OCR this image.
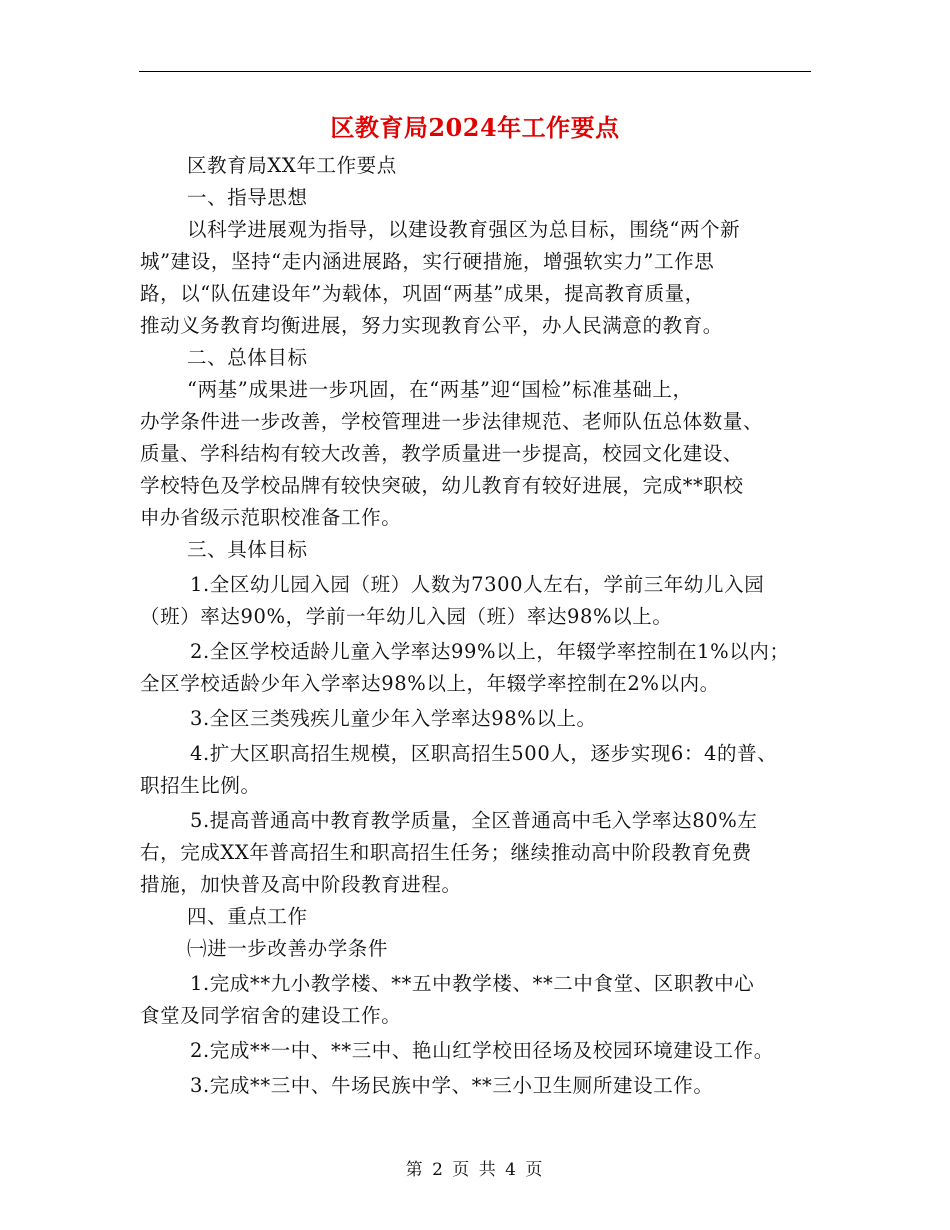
区教育局2024年工作要点

区教育局XX年工作要点

一、指导思想

以科学进展观为指导，以建设教育强区为总目标，围绕“两个新

城”建设，坚持“走内涵进展路，实行硬措施，增强软实力”工作思

路，以“队伍建设年”为载体，巩固“两基”成果，提高教育质量，

推动义务教育均衡进展，努力实现教育公平，办人民满意的教育。

二、总体目标

“两基”成果进一步巩固，在“两基”迎“国检”标准基础上，

办学条件进一步改善，学校管理进一步法律规范、老师队伍总体数量、

质量、学科结构有较大改善，教学质量进一步提高，校园文化建设、

学校特色及学校品牌有较快突破，幼儿教育有较好进展，完成**职校

申办省级示范职校准备工作。

三、具体目标

1.全区幼儿园入园（班）人数为7300人左右，学前三年幼儿入园

（班）率达90%，学前一年幼儿入园（班）率达98%以上。

2.全区学校适龄儿童入学率达99%以上，年辍学率控制在1%以内；

全区学校适龄少年入学率达98%以上，年辍学率控制在2%以内。

3.全区三类残疾儿童少年入学率达98%以上。

4.扩大区职高招生规模，区职高招生500人，逐步实现6：4的普、

职招生比例。

5.提高普通高中教育教学质量，全区普通高中毛入学率达80%左

右，完成XX年普高招生和职高招生任务；继续推动高中阶段教育免费

措施，加快普及高中阶段教育进程。

四、重点工作

㈠进一步改善办学条件

1.完成**九小教学楼、**五中教学楼、**二中食堂、区职教中心

食堂及同学宿舍的建设工作。

2.完成**一中、**三中、艳山红学校田径场及校园环境建设工作。

3.完成**三中、牛场民族中学、**三小卫生厕所建设工作。

第 2 页 共 4 页
